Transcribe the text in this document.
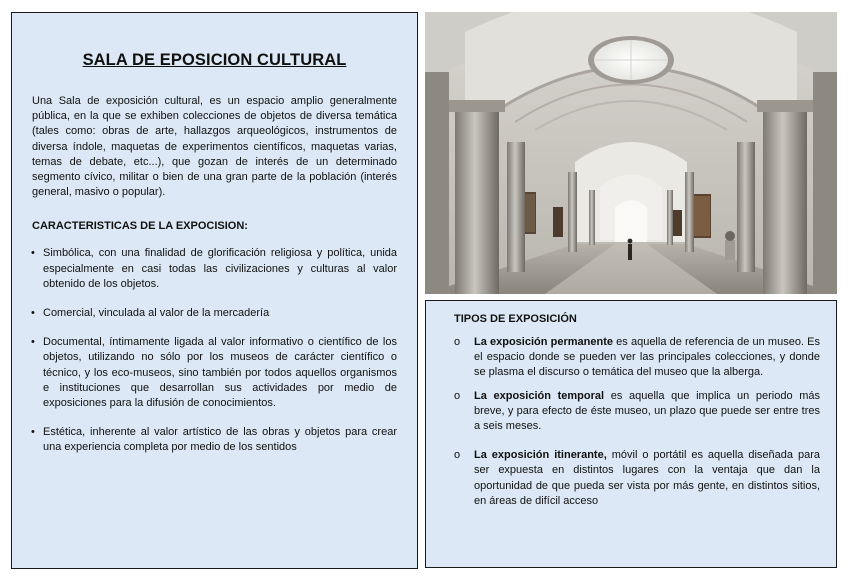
SALA DE EPOSICION CULTURAL

Una Sala de exposición cultural, es un espacio amplio generalmente pública, en la que se exhiben colecciones de objetos de diversa temática (tales como: obras de arte, hallazgos arqueológicos, instrumentos de diversa índole, maquetas de experimentos científicos, maquetas varias, temas de debate, etc...), que gozan de interés de un determinado segmento cívico, militar o bien de una gran parte de la población (interés general, masivo o popular).

CARACTERISTICAS DE LA EXPOCISION:
• Simbólica, con una finalidad de glorificación religiosa y política, unida especialmente en casi todas las civilizaciones y culturas al valor obtenido de los objetos.
• Comercial, vinculada al valor de la mercadería
• Documental, íntimamente ligada al valor informativo o científico de los objetos, utilizando no sólo por los museos de carácter científico o técnico, y los eco-museos, sino también por todos aquellos organismos e instituciones que desarrollan sus actividades por medio de exposiciones para la difusión de conocimientos.
• Estética, inherente al valor artístico de las obras y objetos para crear una experiencia completa por medio de los sentidos
TIPOS DE EXPOSICIÓN
o La exposición permanente es aquella de referencia de un museo. Es el espacio donde se pueden ver las principales colecciones, y donde se plasma el discurso o temática del museo que la alberga.
o La exposición temporal es aquella que implica un periodo más breve, y para efecto de éste museo, un plazo que puede ser entre tres a seis meses.
o La exposición itinerante, móvil o portátil es aquella diseñada para ser expuesta en distintos lugares con la ventaja que dan la oportunidad de que pueda ser vista por más gente, en distintos sitios, en áreas de difícil acceso
